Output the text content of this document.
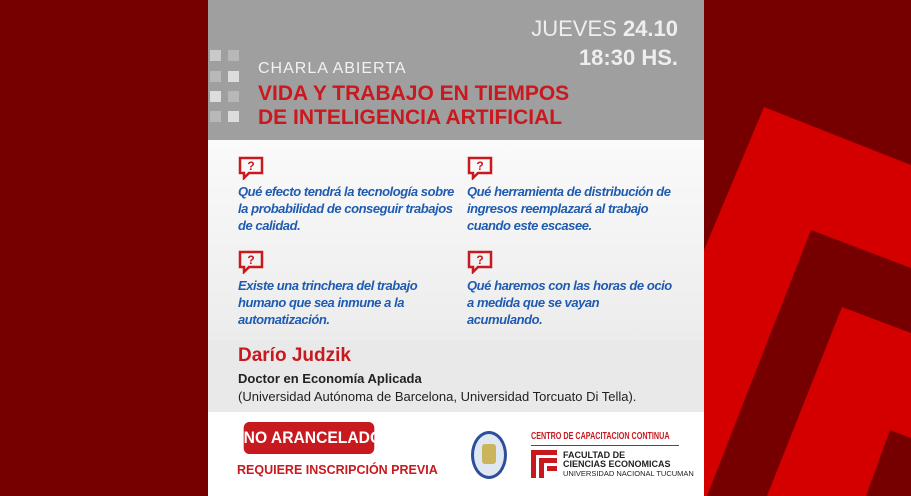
JUEVES 24.10
18:30 HS.
CHARLA ABIERTA
VIDA Y TRABAJO EN TIEMPOS
DE INTELIGENCIA ARTIFICIAL
?
Qué efecto tendrá la tecnología sobre la probabilidad de conseguir trabajos de calidad.
?
Qué herramienta de distribución de ingresos reemplazará al trabajo cuando este escasee.
?
Existe una trinchera del trabajo humano que sea inmune a la automatización.
?
Qué haremos con las horas de ocio a medida que se vayan acumulando.
Darío Judzik
Doctor en Economía Aplicada
(Universidad Autónoma de Barcelona, Universidad Torcuato Di Tella).
NO ARANCELADO
REQUIERE INSCRIPCIÓN PREVIA
CENTRO DE CAPACITACION CONTINUA
FACULTAD DE
CIENCIAS ECONOMICAS
UNIVERSIDAD NACIONAL TUCUMAN
